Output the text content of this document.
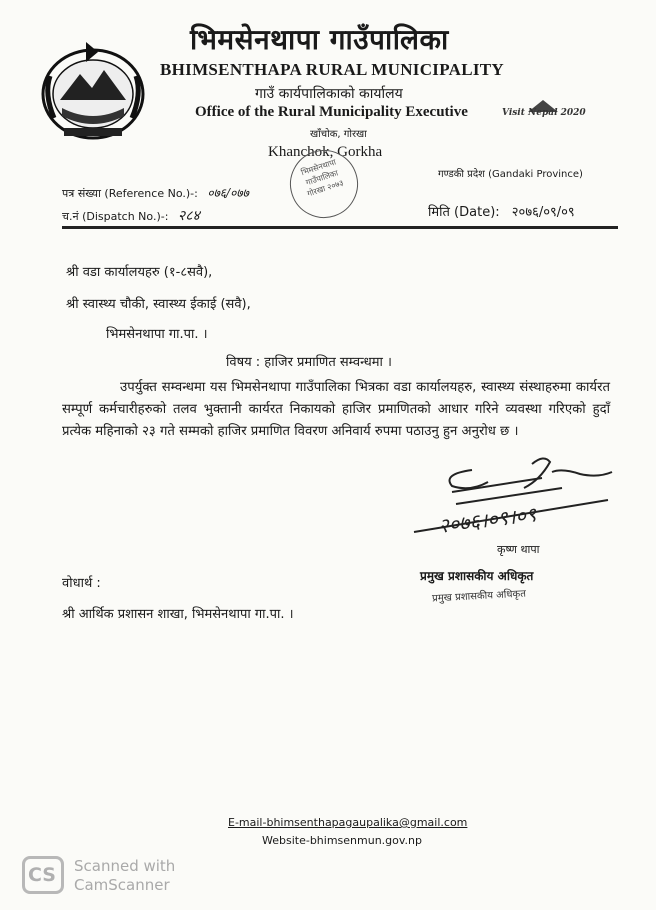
Visit Nepal 2020
भिमसेनथापा गाउँपालिका
BHIMSENTHAPA RURAL MUNICIPALITY
गाउँ कार्यपालिकाको कार्यालय
Office of the Rural Municipality Executive
खाँचोक, गोरखा
Khanchok, Gorkha
गण्डकी प्रदेश (Gandaki Province)
भिमसेनथापा गाउँपालिका गोरखा २०७३
पत्र संख्या (Reference No.)-: ०७६/०७७
च.नं (Dispatch No.)-: २८४	मिति (Date): २०७६/०९/०९
श्री वडा कार्यालयहरु (१-८सवै),
श्री स्वास्थ्य चौकी, स्वास्थ्य ईकाई (सवै),
भिमसेनथापा गा.पा. ।
विषय : हाजिर प्रमाणित सम्वन्धमा ।
उपर्युक्त सम्वन्धमा यस भिमसेनथापा गाउँपालिका भित्रका वडा कार्यालयहरु, स्वास्थ्य संस्थाहरुमा कार्यरत सम्पूर्ण कर्मचारीहरुको तलव भुक्तानी कार्यरत निकायको हाजिर प्रमाणितको आधार गरिने व्यवस्था गरिएको हुदाँ प्रत्येक महिनाको २३ गते सम्मको हाजिर प्रमाणित विवरण अनिवार्य रुपमा पठाउनु हुन अनुरोध छ ।
२०७६।०९।०९
कृष्ण थापा
प्रमुख प्रशासकीय अधिकृत
प्रमुख प्रशासकीय अधिकृत
वोधार्थ :
श्री आर्थिक प्रशासन शाखा, भिमसेनथापा गा.पा. ।
E-mail-bhimsenthapagaupalika@gmail.com
Website-bhimsenmun.gov.np
CS Scanned with
CamScanner
